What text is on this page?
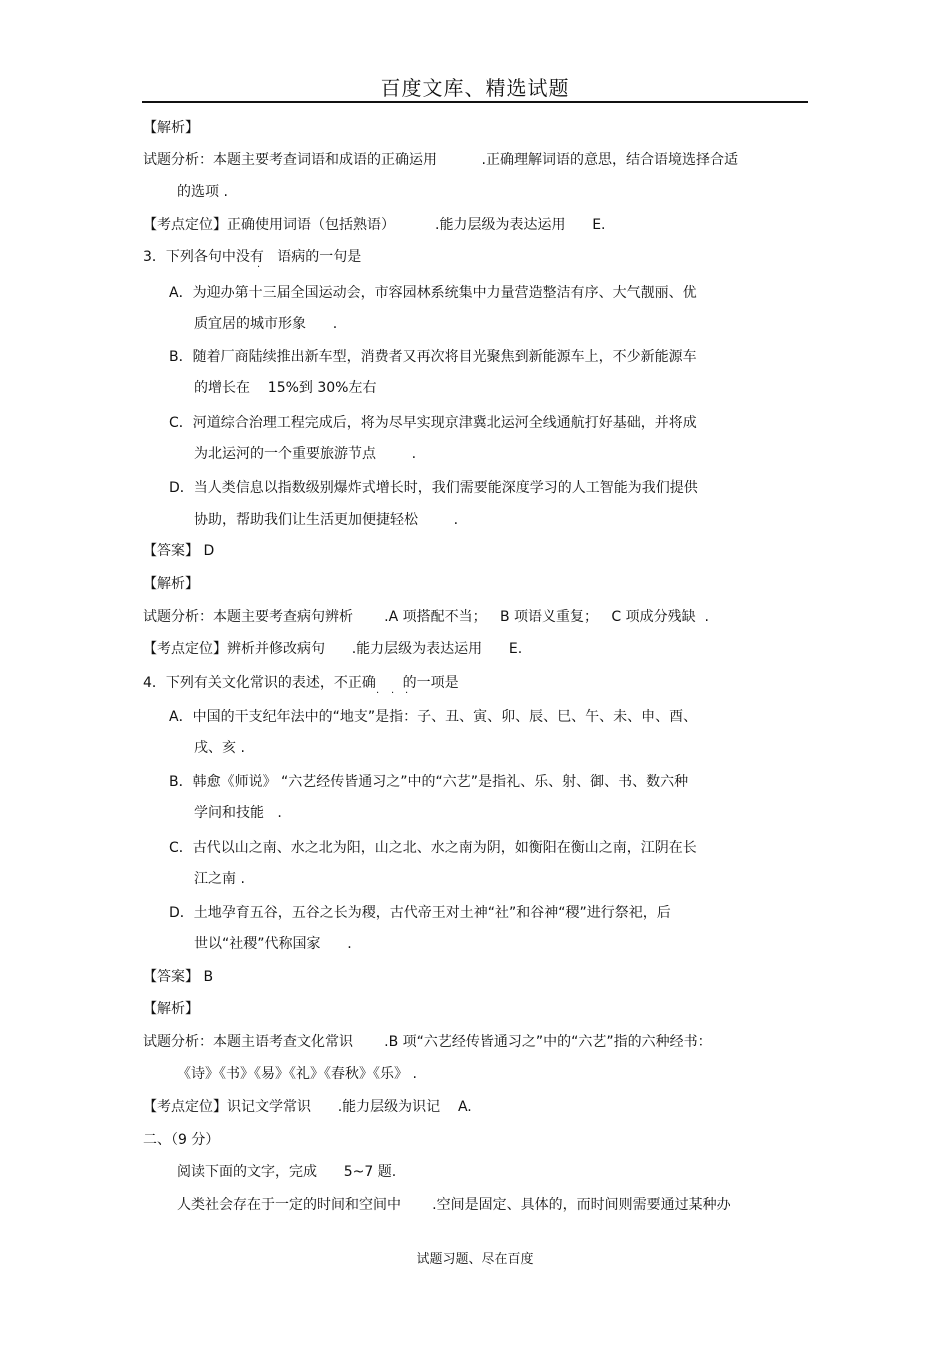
百度文库、精选试题
【解析】
试题分析：本题主要考查词语和成语的正确运用          .正确理解词语的意思，结合语境选择合适
的选项 .
【考点定位】正确使用词语（包括熟语）         .能力层级为表达运用      E.
3．下列各句中没有   语病的一句是
·
A．为迎办第十三届全国运动会，市容园林系统集中力量营造整洁有序、大气靓丽、优
质宜居的城市形象      .
B．随着厂商陆续推出新车型，消费者又再次将目光聚焦到新能源车上，不少新能源车
的增长在    15%到 30%左右
C．河道综合治理工程完成后，将为尽早实现京津冀北运河全线通航打好基础，并将成
为北运河的一个重要旅游节点        .
D．当人类信息以指数级别爆炸式增长时，我们需要能深度学习的人工智能为我们提供
协助，帮助我们让生活更加便捷轻松        .
【答案】 D
【解析】
试题分析：本题主要考查病句辨析       .A 项搭配不当；   B 项语义重复；   C 项成分残缺  .
【考点定位】辨析并修改病句      .能力层级为表达运用      E.
4．下列有关文化常识的表述，不正确      的一项是
· · ·
A．中国的干支纪年法中的“地支”是指：子、丑、寅、卯、辰、巳、午、未、申、酉、
戌、亥 .
B．韩愈《师说》 “六艺经传皆通习之”中的“六艺”是指礼、乐、射、御、书、数六种
学问和技能   .
C．古代以山之南、水之北为阳，山之北、水之南为阴，如衡阳在衡山之南，江阴在长
江之南 .
D．土地孕育五谷，五谷之长为稷，古代帝王对土神“社”和谷神“稷”进行祭祀，后
世以“社稷”代称国家      .
【答案】 B
【解析】
试题分析：本题主语考查文化常识       .B 项“六艺经传皆通习之”中的“六艺”指的六种经书：
《诗》《书》《易》《礼》《春秋》《乐》 .
【考点定位】识记文学常识      .能力层级为识记    A.
二、（9 分）
阅读下面的文字，完成      5~7 题.
人类社会存在于一定的时间和空间中       .空间是固定、具体的，而时间则需要通过某种办
试题习题、尽在百度
